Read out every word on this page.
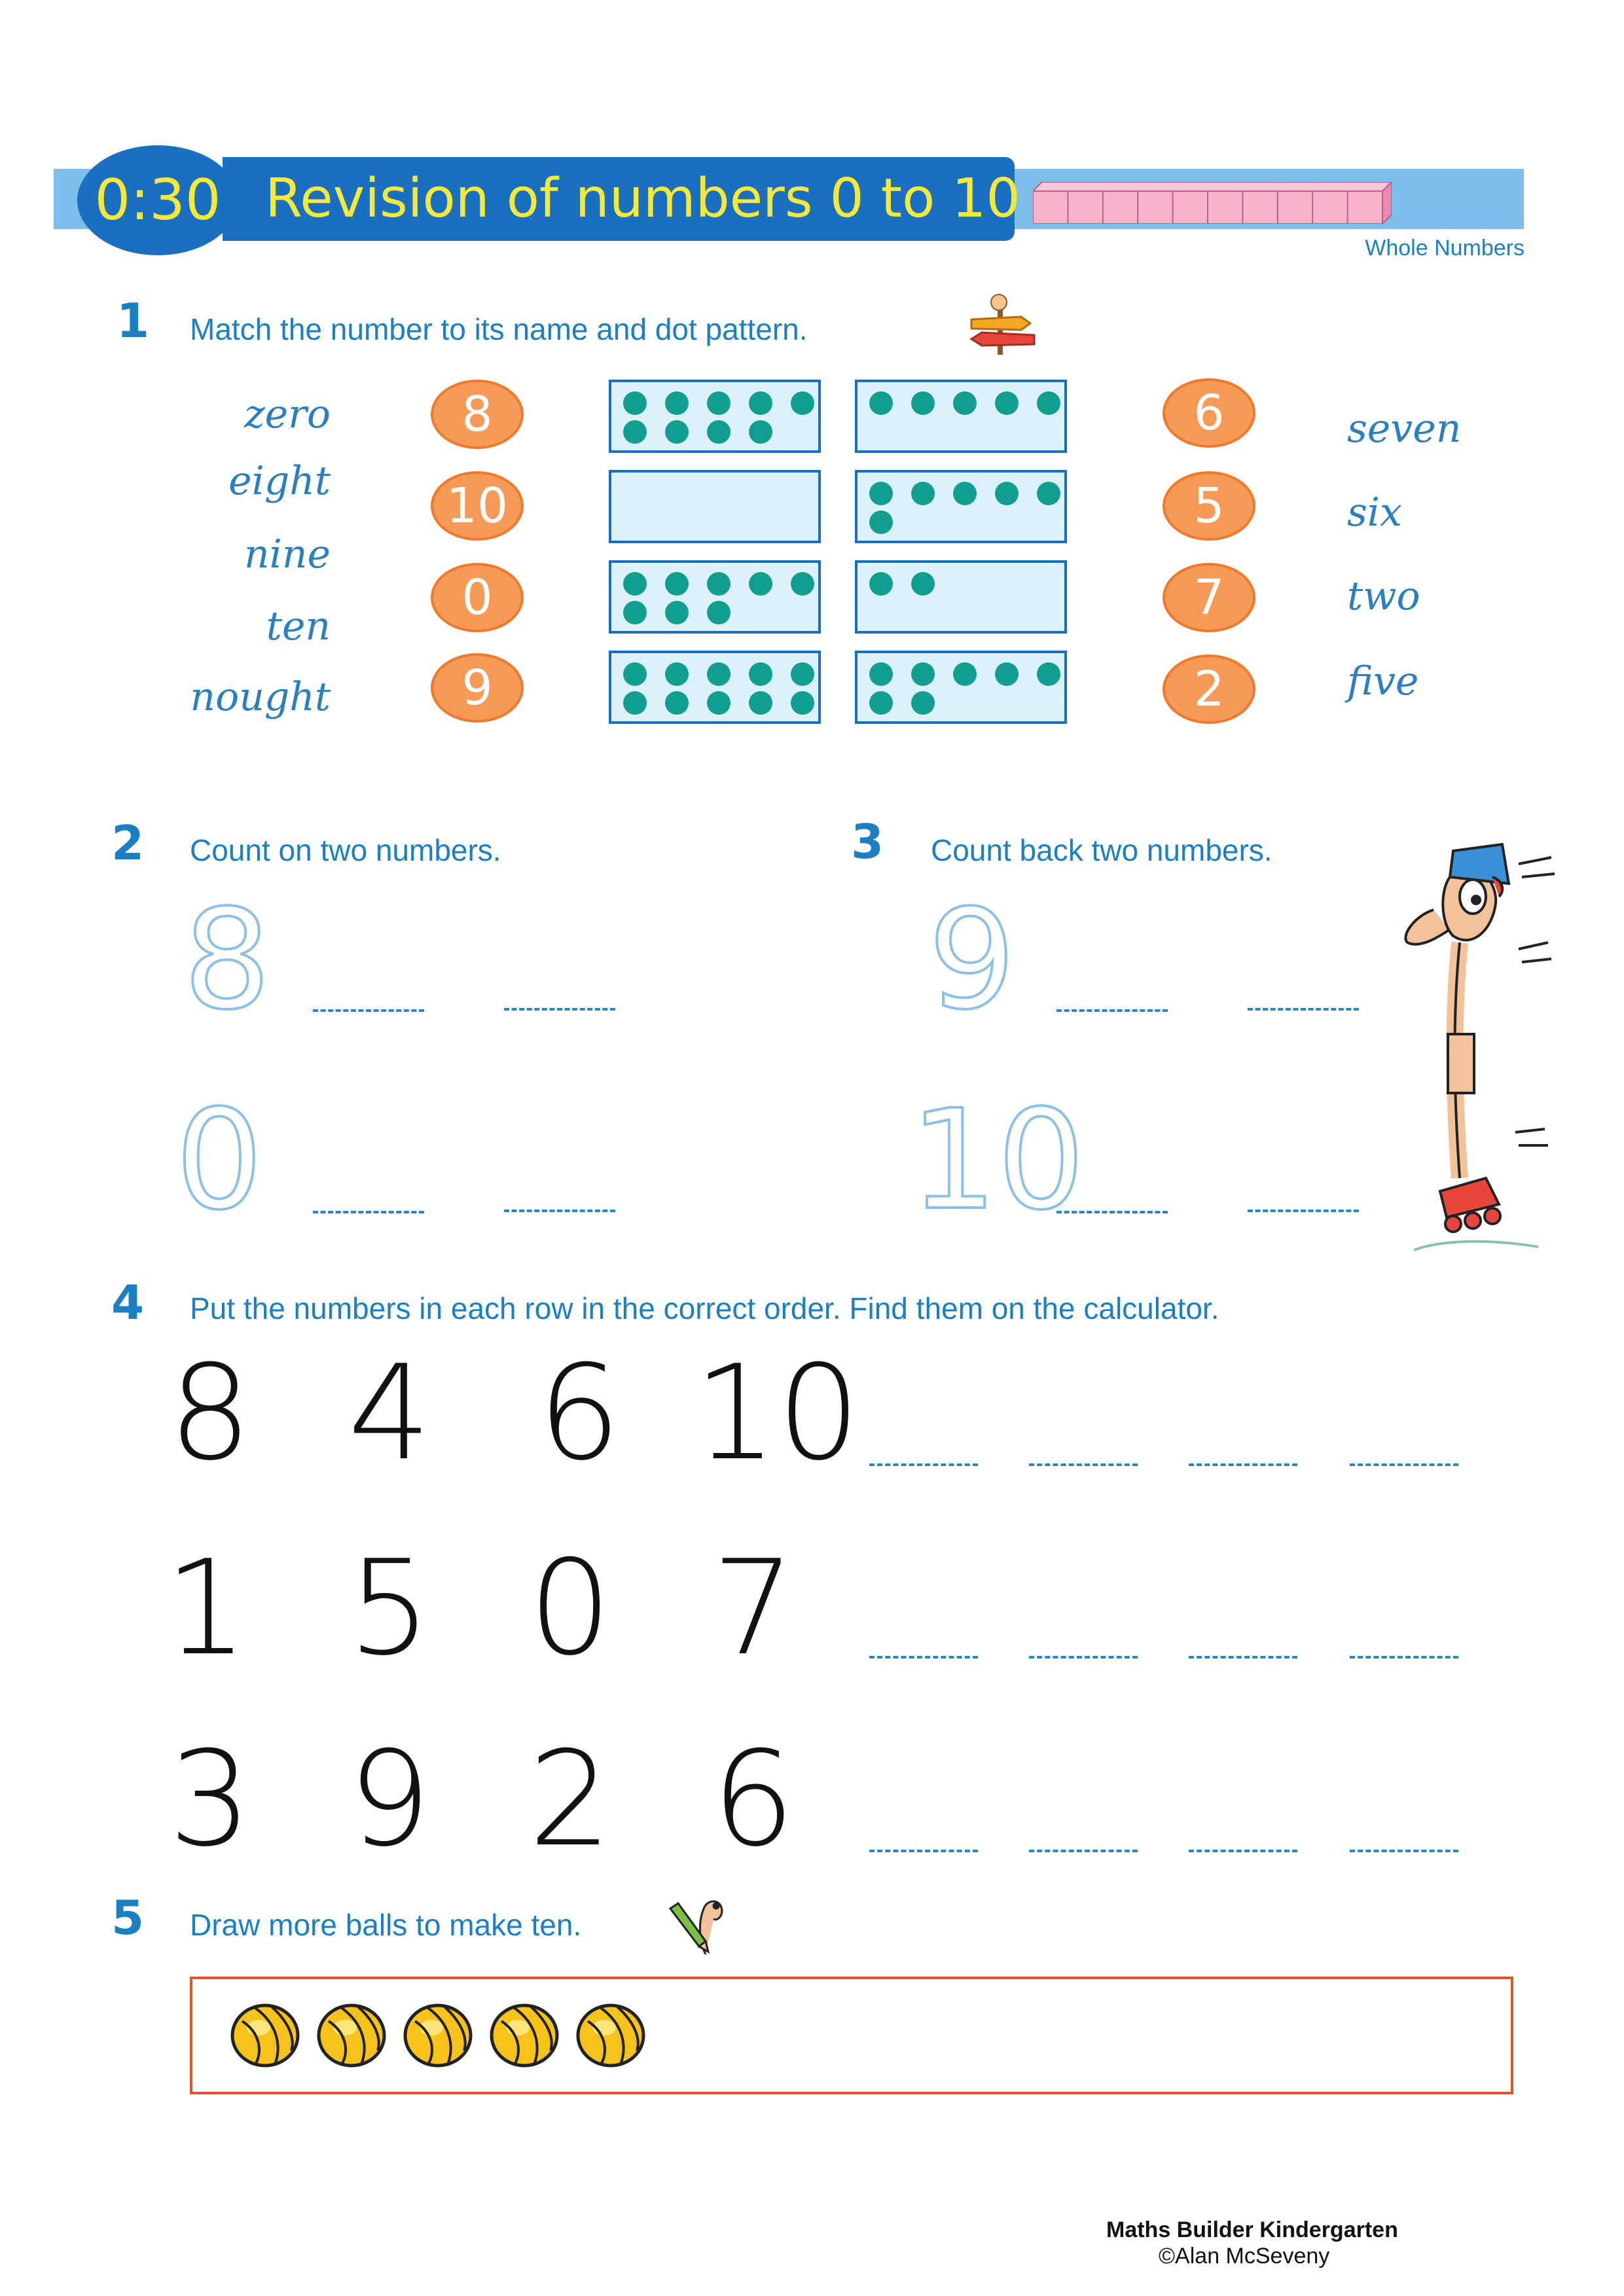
0:30 Revision of numbers 0 to 10
Whole Numbers
1 Match the number to its name and dot pattern.
zero
eight
nine
ten
nought
8
10
0
9
6
5
7
2
seven
six
two
five
2 Count on two numbers.
8
0
3 Count back two numbers.
9
10
4 Put the numbers in each row in the correct order. Find them on the calculator.
8 4 6 10
1 5 0 7
3 9 2 6
5 Draw more balls to make ten.
Maths Builder Kindergarten
©Alan McSeveny
